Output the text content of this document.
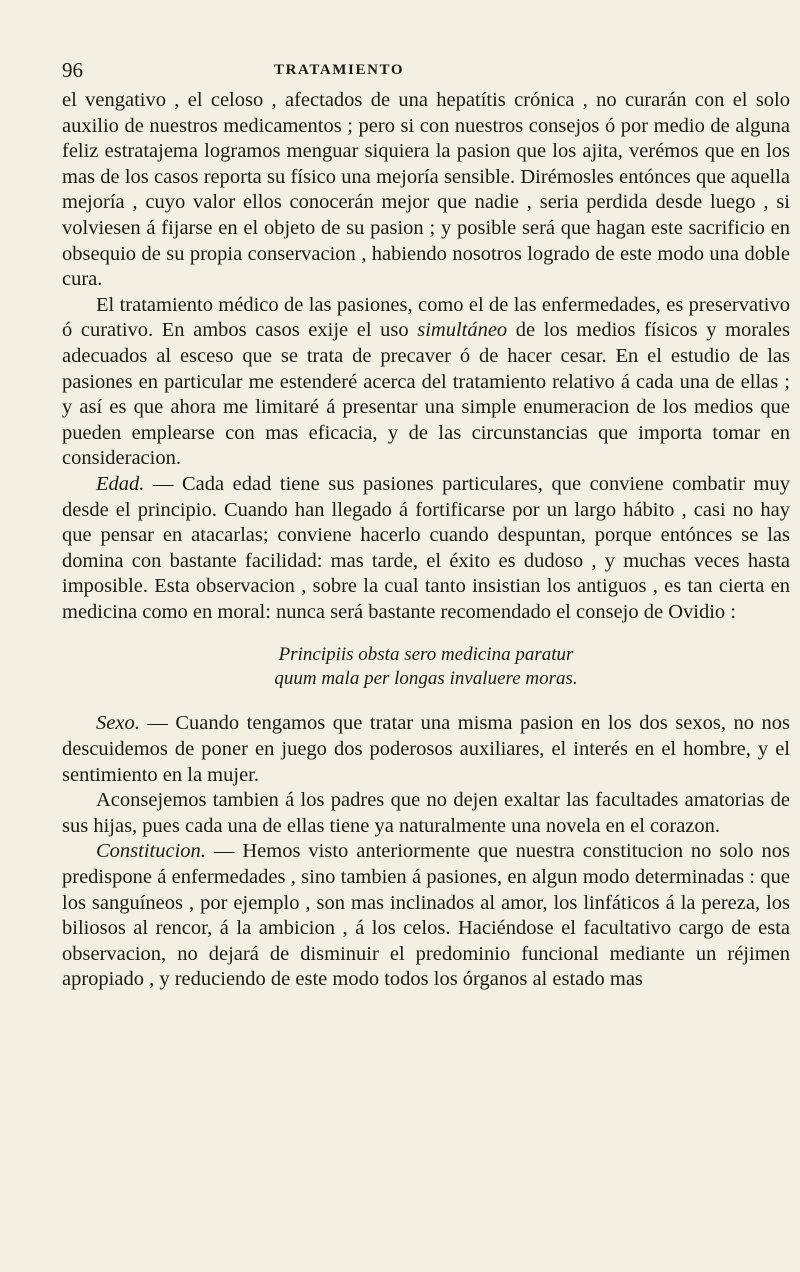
96	TRATAMIENTO

el vengativo , el celoso , afectados de una hepatítis crónica , no curarán con el solo auxilio de nuestros medicamentos ; pero si con nuestros consejos ó por medio de alguna feliz estratajema logramos menguar siquiera la pasion que los ajita, verémos que en los mas de los casos reporta su físico una mejoría sensible. Dirémosles entónces que aquella mejoría , cuyo valor ellos conocerán mejor que nadie , seria perdida desde luego , si volviesen á fijarse en el objeto de su pasion ; y posible será que hagan este sacrificio en obsequio de su propia conservacion , habiendo nosotros logrado de este modo una doble cura.

El tratamiento médico de las pasiones, como el de las enfermedades, es preservativo ó curativo. En ambos casos exije el uso simultáneo de los medios físicos y morales adecuados al esceso que se trata de precaver ó de hacer cesar. En el estudio de las pasiones en particular me estenderé acerca del tratamiento relativo á cada una de ellas ; y así es que ahora me limitaré á presentar una simple enumeracion de los medios que pueden emplearse con mas eficacia, y de las circunstancias que importa tomar en consideracion.

Edad. — Cada edad tiene sus pasiones particulares, que conviene combatir muy desde el principio. Cuando han llegado á fortificarse por un largo hábito , casi no hay que pensar en atacarlas; conviene hacerlo cuando despuntan, porque entónces se las domina con bastante facilidad: mas tarde, el éxito es dudoso , y muchas veces hasta imposible. Esta observacion , sobre la cual tanto insistian los antiguos , es tan cierta en medicina como en moral: nunca será bastante recomendado el consejo de Ovidio :

Principiis obsta sero medicina paratur
quum mala per longas invaluere moras.

Sexo. — Cuando tengamos que tratar una misma pasion en los dos sexos, no nos descuidemos de poner en juego dos poderosos auxiliares, el interés en el hombre, y el sentimiento en la mujer.

Aconsejemos tambien á los padres que no dejen exaltar las facultades amatorias de sus hijas, pues cada una de ellas tiene ya naturalmente una novela en el corazon.

Constitucion. — Hemos visto anteriormente que nuestra constitucion no solo nos predispone á enfermedades , sino tambien á pasiones, en algun modo determinadas : que los sanguíneos , por ejemplo , son mas inclinados al amor, los linfáticos á la pereza, los biliosos al rencor, á la ambicion , á los celos. Haciéndose el facultativo cargo de esta observacion, no dejará de disminuir el predominio funcional mediante un réjimen apropiado , y reduciendo de este modo todos los órganos al estado mas
